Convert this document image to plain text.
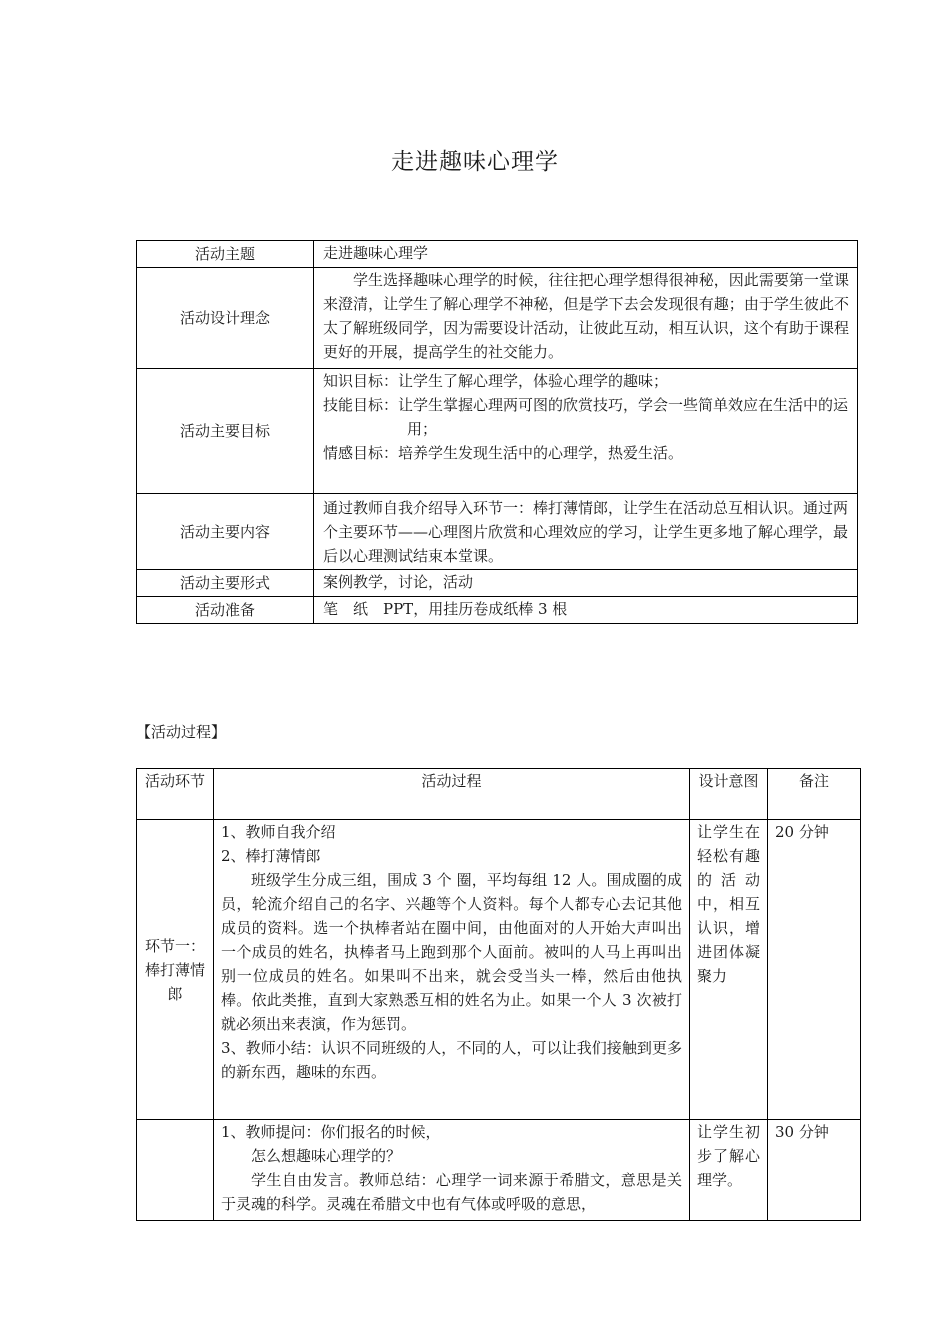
走进趣味心理学
活动主题	走进趣味心理学
活动设计理念	学生选择趣味心理学的时候，往往把心理学想得很神秘，因此需要第一堂课来澄清，让学生了解心理学不神秘，但是学下去会发现很有趣；由于学生彼此不太了解班级同学，因为需要设计活动，让彼此互动，相互认识，这个有助于课程更好的开展，提高学生的社交能力。

活动主要目标	知识目标：让学生了解心理学，体验心理学的趣味；
技能目标：让学生掌握心理两可图的欣赏技巧，学会一些简单效应在生活中的运用；
情感目标：培养学生发现生活中的心理学，热爱生活。

活动主要内容	通过教师自我介绍导入环节一：棒打薄情郎，让学生在活动总互相认识。通过两个主要环节——心理图片欣赏和心理效应的学习，让学生更多地了解心理学，最后以心理测试结束本堂课。
活动主要形式	案例教学，讨论，活动
活动准备	笔　纸　PPT，用挂历卷成纸棒 3 根
【活动过程】
活动环节	活动过程	设计意图	备注
环节一：棒打薄情郎	1、教师自我介绍
2、棒打薄情郎
班级学生分成三组，围成 3 个 圈，平均每组 12 人。围成圈的成员，轮流介绍自己的名字、兴趣等个人资料。每个人都专心去记其他成员的资料。选一个执棒者站在圈中间，由他面对的人开始大声叫出一个成员的姓名，执棒者马上跑到那个人面前。被叫的人马上再叫出别一位成员的姓名。如果叫不出来，就会受当头一棒，然后由他执棒。依此类推，直到大家熟悉互相的姓名为止。如果一个人 3 次被打就必须出来表演，作为惩罚。
3、教师小结：认识不同班级的人，不同的人，可以让我们接触到更多的新东西，趣味的东西。	让学生在轻松有趣的活动中，相互认识，增进团体凝聚力	20 分钟

	1、教师提问：你们报名的时候，
怎么想趣味心理学的？
学生自由发言。教师总结：心理学一词来源于希腊文，意思是关于灵魂的科学。灵魂在希腊文中也有气体或呼吸的意思，	让学生初步了解心理学。	30 分钟
